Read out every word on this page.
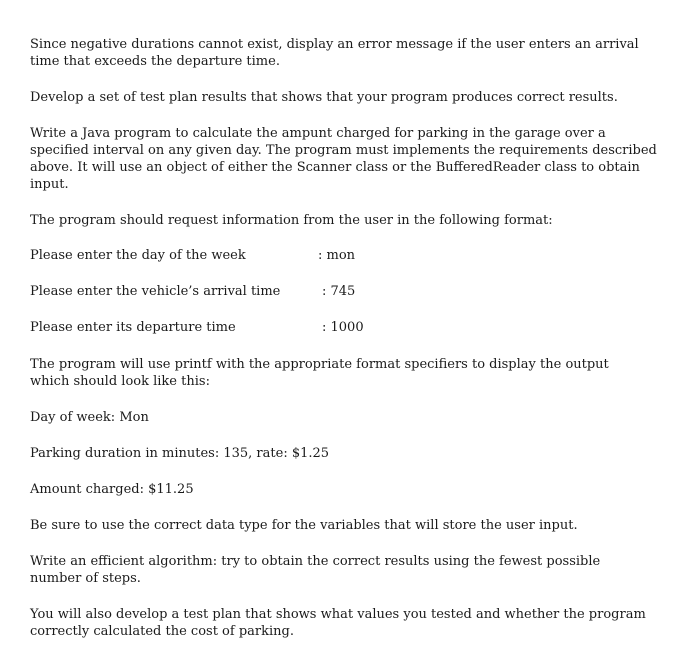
Since negative durations cannot exist, display an error message if the user enters an arrival time that exceeds the departure time.

Develop a set of test plan results that shows that your program produces correct results.

Write a Java program to calculate the ampunt charged for parking in the garage over a specified interval on any given day. The program must implements the requirements described above. It will use an object of either the Scanner class or the BufferedReader class to obtain input.

The program should request information from the user in the following format:

Please enter the day of the week	: mon
Please enter the vehicle’s arrival time	: 745
Please enter its departure time	: 1000

The program will use printf with the appropriate format specifiers to display the output which should look like this:

Day of week: Mon

Parking duration in minutes: 135, rate: $1.25

Amount charged: $11.25

Be sure to use the correct data type for the variables that will store the user input.

Write an efficient algorithm: try to obtain the correct results using the fewest possible number of steps.

You will also develop a test plan that shows what values you tested and whether the program correctly calculated the cost of parking.
